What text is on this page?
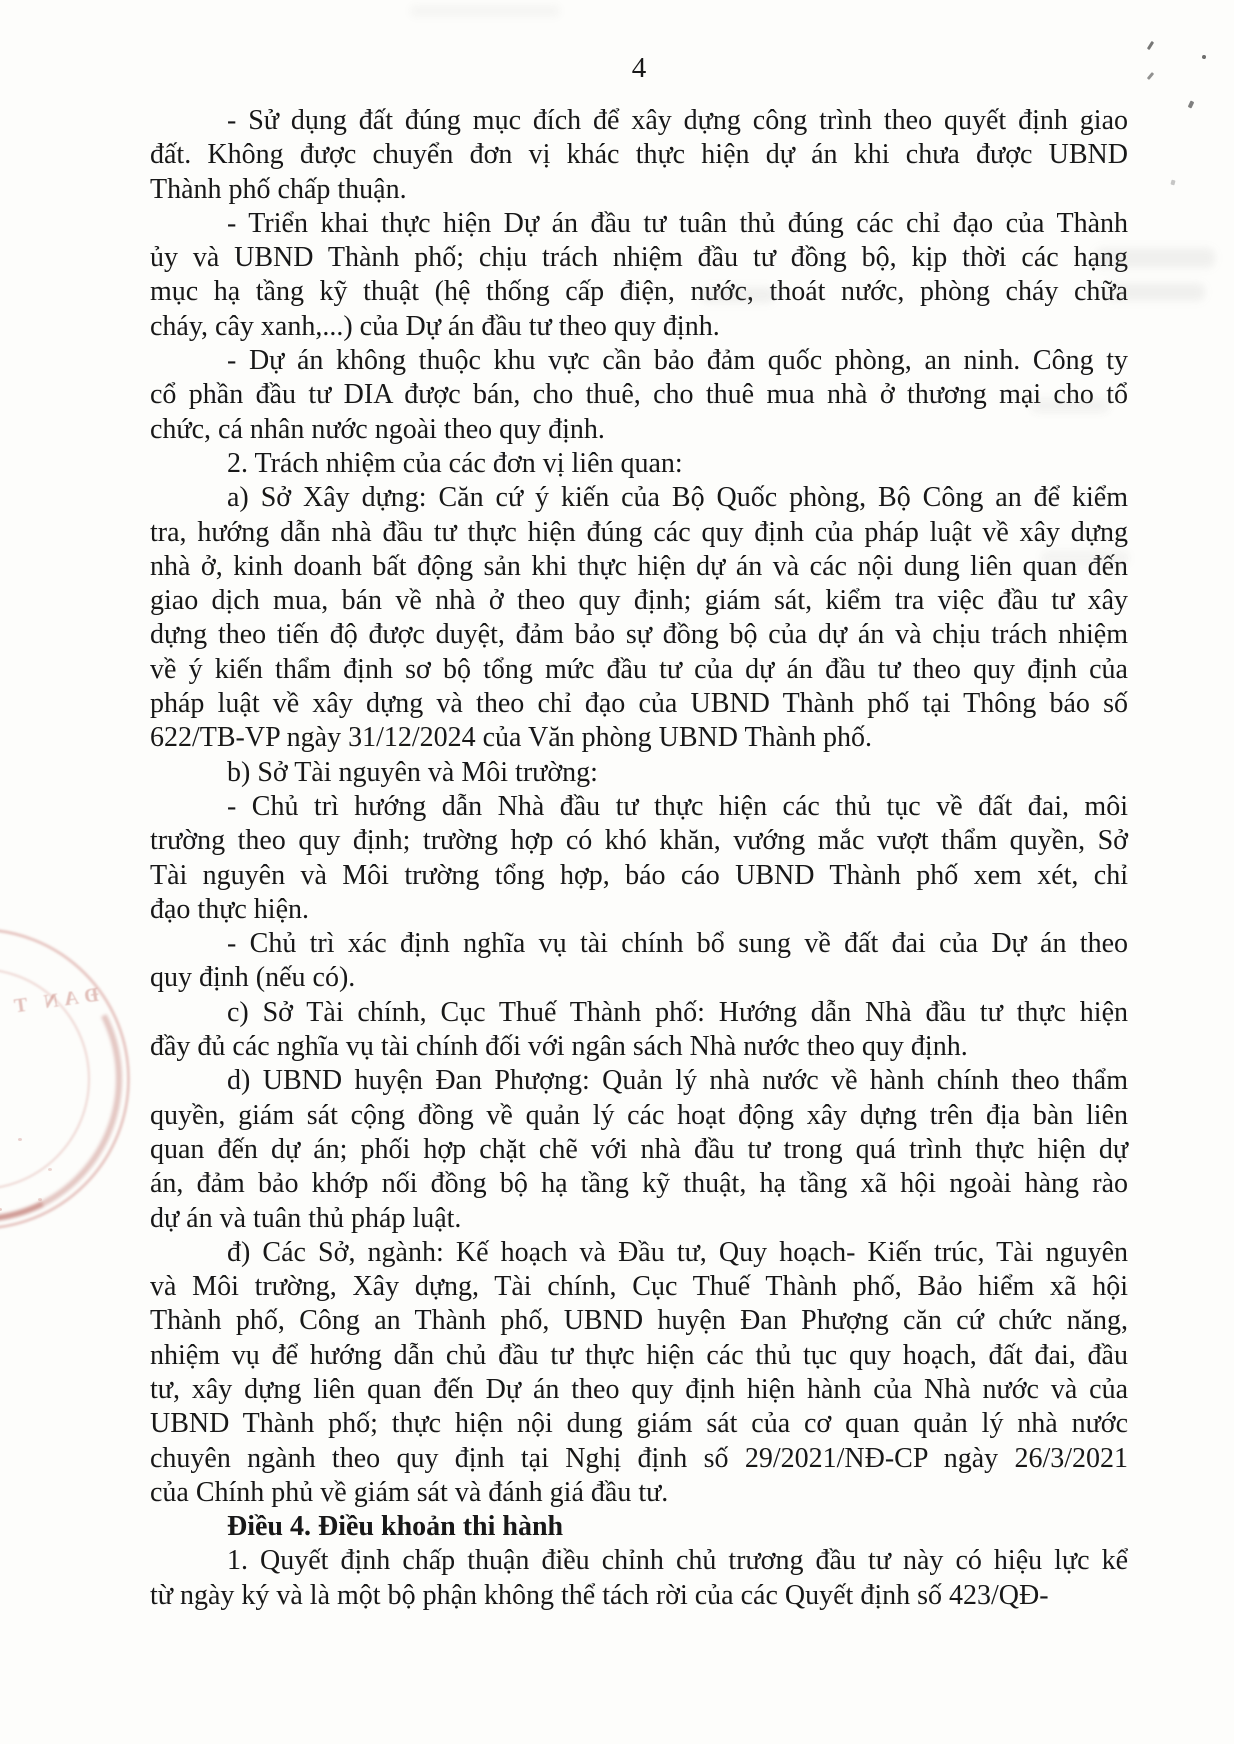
4
- Sử dụng đất đúng mục đích để xây dựng công trình theo quyết định giao
đất. Không được chuyển đơn vị khác thực hiện dự án khi chưa được UBND
Thành phố chấp thuận.
- Triển khai thực hiện Dự án đầu tư tuân thủ đúng các chỉ đạo của Thành
ủy và UBND Thành phố; chịu trách nhiệm đầu tư đồng bộ, kịp thời các hạng
mục hạ tầng kỹ thuật (hệ thống cấp điện, nước, thoát nước, phòng cháy chữa
cháy, cây xanh,...) của Dự án đầu tư theo quy định.
- Dự án không thuộc khu vực cần bảo đảm quốc phòng, an ninh. Công ty
cổ phần đầu tư DIA được bán, cho thuê, cho thuê mua nhà ở thương mại cho tổ
chức, cá nhân nước ngoài theo quy định.
2. Trách nhiệm của các đơn vị liên quan:
a) Sở Xây dựng: Căn cứ ý kiến của Bộ Quốc phòng, Bộ Công an để kiểm
tra, hướng dẫn nhà đầu tư thực hiện đúng các quy định của pháp luật về xây dựng
nhà ở, kinh doanh bất động sản khi thực hiện dự án và các nội dung liên quan đến
giao dịch mua, bán về nhà ở theo quy định; giám sát, kiểm tra việc đầu tư xây
dựng theo tiến độ được duyệt, đảm bảo sự đồng bộ của dự án và chịu trách nhiệm
về ý kiến thẩm định sơ bộ tổng mức đầu tư của dự án đầu tư theo quy định của
pháp luật về xây dựng và theo chỉ đạo của UBND Thành phố tại Thông báo số
622/TB-VP ngày 31/12/2024 của Văn phòng UBND Thành phố.
b) Sở Tài nguyên và Môi trường:
- Chủ trì hướng dẫn Nhà đầu tư thực hiện các thủ tục về đất đai, môi
trường theo quy định; trường hợp có khó khăn, vướng mắc vượt thẩm quyền, Sở
Tài nguyên và Môi trường tổng hợp, báo cáo UBND Thành phố xem xét, chỉ
đạo thực hiện.
- Chủ trì xác định nghĩa vụ tài chính bổ sung về đất đai của Dự án theo
quy định (nếu có).
c) Sở Tài chính, Cục Thuế Thành phố: Hướng dẫn Nhà đầu tư thực hiện
đầy đủ các nghĩa vụ tài chính đối với ngân sách Nhà nước theo quy định.
d) UBND huyện Đan Phượng: Quản lý nhà nước về hành chính theo thẩm
quyền, giám sát cộng đồng về quản lý các hoạt động xây dựng trên địa bàn liên
quan đến dự án; phối hợp chặt chẽ với nhà đầu tư trong quá trình thực hiện dự
án, đảm bảo khớp nối đồng bộ hạ tầng kỹ thuật, hạ tầng xã hội ngoài hàng rào
dự án và tuân thủ pháp luật.
đ) Các Sở, ngành: Kế hoạch và Đầu tư, Quy hoạch- Kiến trúc, Tài nguyên
và Môi trường, Xây dựng, Tài chính, Cục Thuế Thành phố, Bảo hiểm xã hội
Thành phố, Công an Thành phố, UBND huyện Đan Phượng căn cứ chức năng,
nhiệm vụ để hướng dẫn chủ đầu tư thực hiện các thủ tục quy hoạch, đất đai, đầu
tư, xây dựng liên quan đến Dự án theo quy định hiện hành của Nhà nước và của
UBND Thành phố; thực hiện nội dung giám sát của cơ quan quản lý nhà nước
chuyên ngành theo quy định tại Nghị định số 29/2021/NĐ-CP ngày 26/3/2021
của Chính phủ về giám sát và đánh giá đầu tư.
Điều 4. Điều khoản thi hành
1. Quyết định chấp thuận điều chỉnh chủ trương đầu tư này có hiệu lực kể
từ ngày ký và là một bộ phận không thể tách rời của các Quyết định số 423/QĐ-
ĐAN T
